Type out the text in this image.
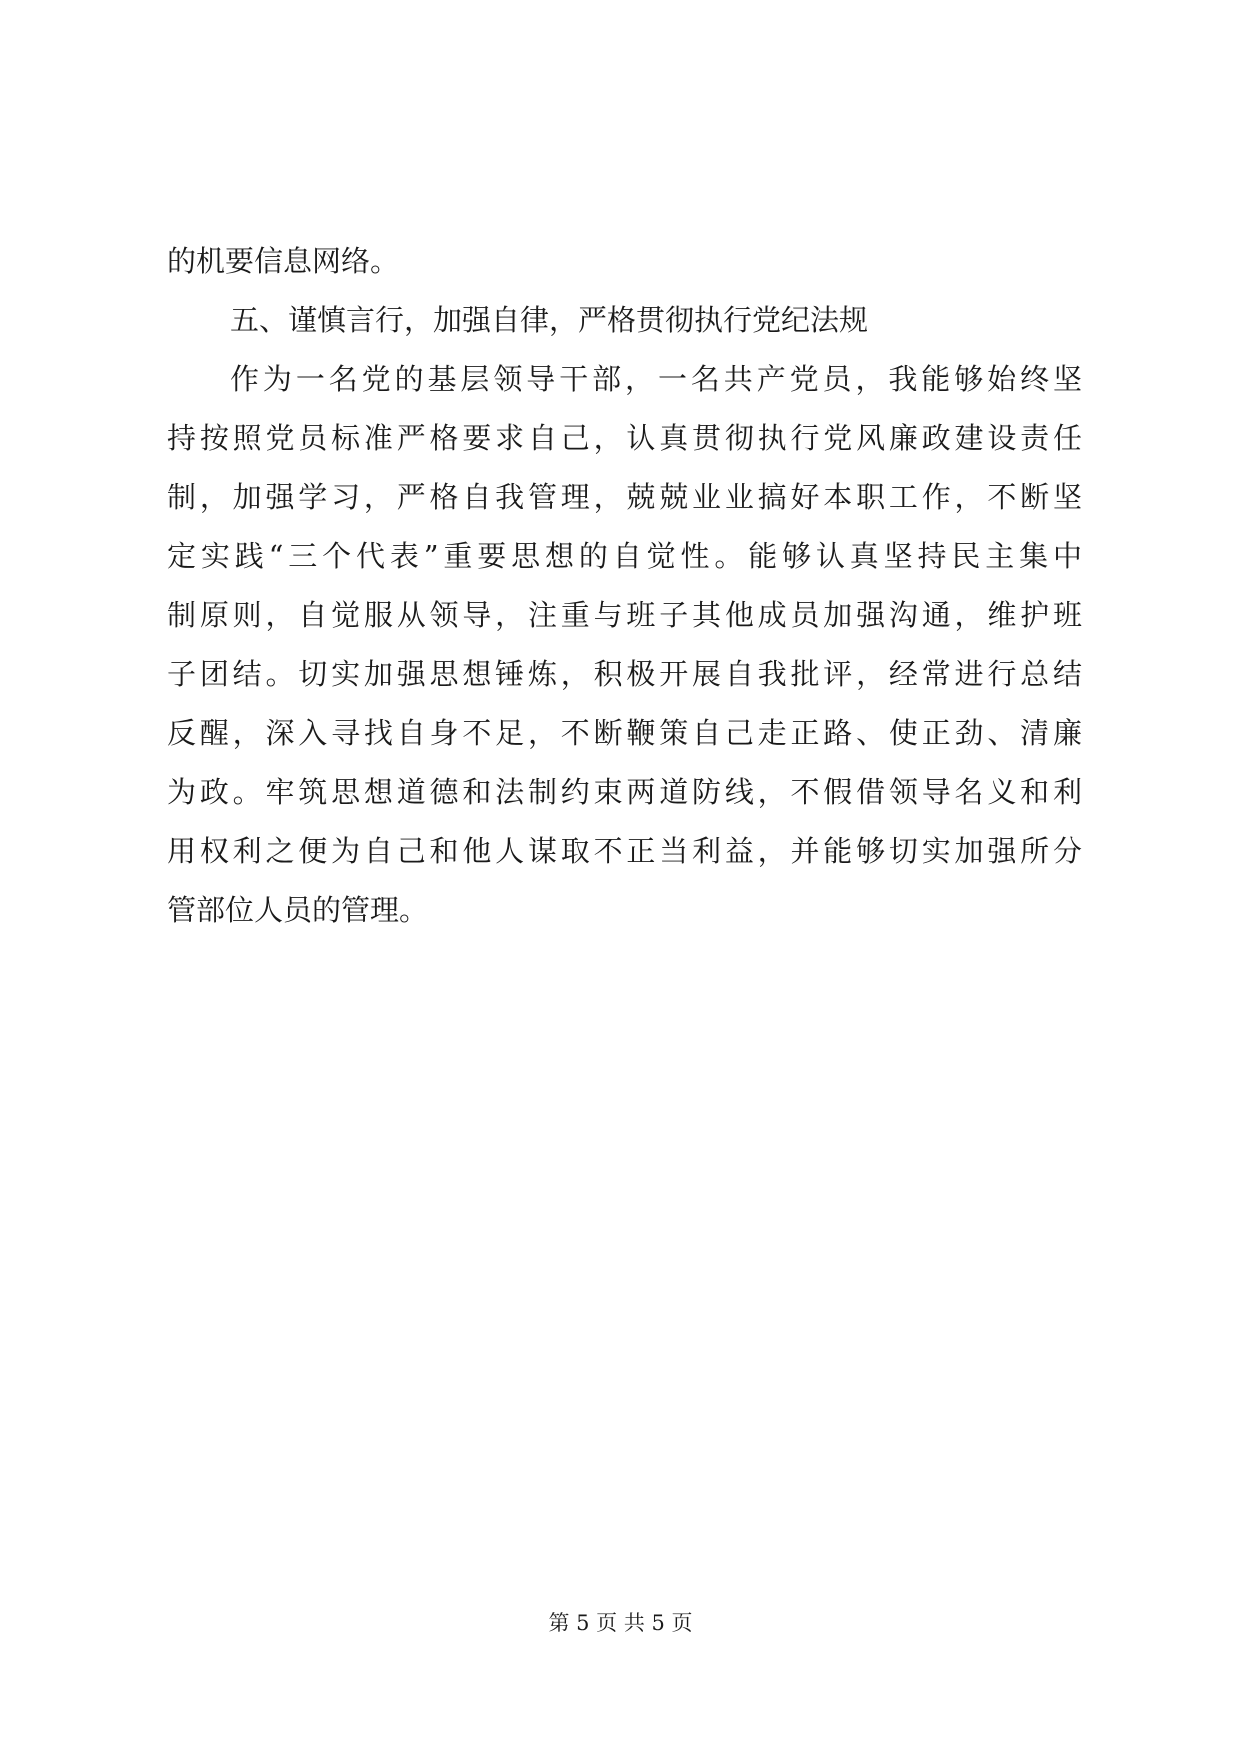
的机要信息网络。
五、谨慎言行，加强自律，严格贯彻执行党纪法规
作为一名党的基层领导干部，一名共产党员，我能够始终坚
持按照党员标准严格要求自己，认真贯彻执行党风廉政建设责任
制，加强学习，严格自我管理，兢兢业业搞好本职工作，不断坚
定实践“三个代表”重要思想的自觉性。能够认真坚持民主集中
制原则，自觉服从领导，注重与班子其他成员加强沟通，维护班
子团结。切实加强思想锤炼，积极开展自我批评，经常进行总结
反醒，深入寻找自身不足，不断鞭策自己走正路、使正劲、清廉
为政。牢筑思想道德和法制约束两道防线，不假借领导名义和利
用权利之便为自己和他人谋取不正当利益，并能够切实加强所分
管部位人员的管理。
第 5 页 共 5 页
